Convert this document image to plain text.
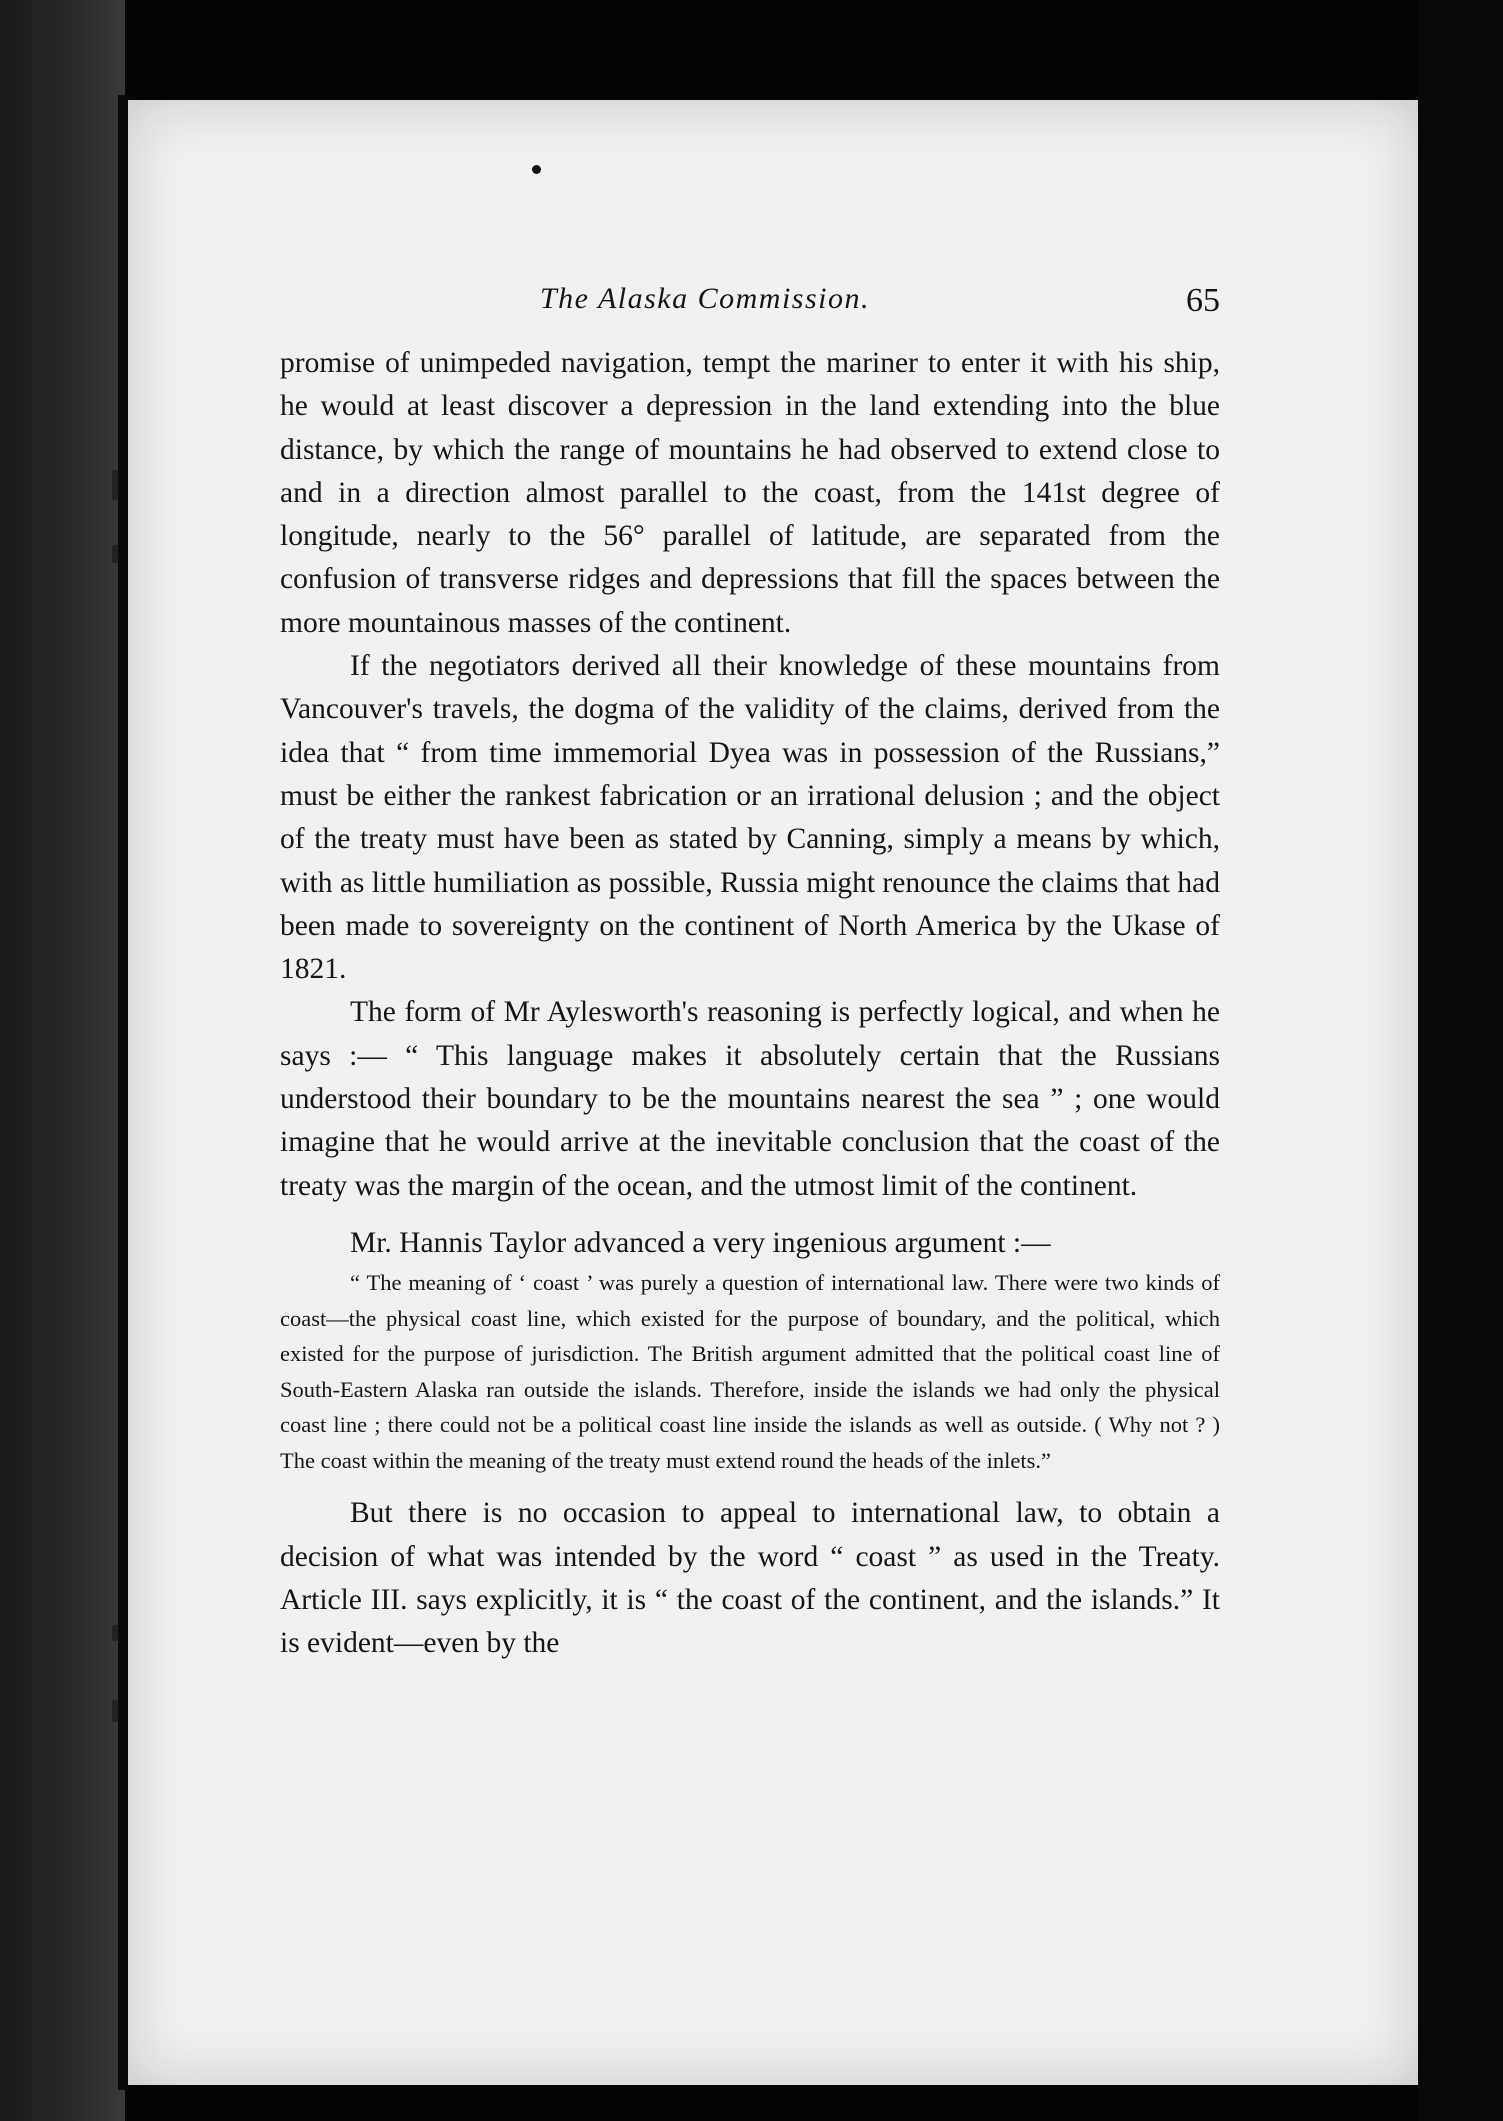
The Alaska Commission.	65

promise of unimpeded navigation, tempt the mariner to enter it with his ship, he would at least discover a depression in the land extending into the blue distance, by which the range of mountains he had observed to extend close to and in a direction almost parallel to the coast, from the 141st degree of longitude, nearly to the 56° parallel of latitude, are separated from the confusion of transverse ridges and depressions that fill the spaces between the more mountainous masses of the continent.

If the negotiators derived all their knowledge of these mountains from Vancouver's travels, the dogma of the validity of the claims, derived from the idea that “ from time immemorial Dyea was in possession of the Russians,” must be either the rankest fabrication or an irrational delusion ; and the object of the treaty must have been as stated by Canning, simply a means by which, with as little humiliation as possible, Russia might renounce the claims that had been made to sovereignty on the continent of North America by the Ukase of 1821.

The form of Mr Aylesworth's reasoning is perfectly logical, and when he says :— “ This language makes it absolutely certain that the Russians understood their boundary to be the mountains nearest the sea ” ; one would imagine that he would arrive at the inevitable conclusion that the coast of the treaty was the margin of the ocean, and the utmost limit of the continent.

Mr. Hannis Taylor advanced a very ingenious argument :—

“ The meaning of ‘ coast ’ was purely a question of international law. There were two kinds of coast—the physical coast line, which existed for the purpose of boundary, and the political, which existed for the purpose of jurisdiction. The British argument admitted that the political coast line of South-Eastern Alaska ran outside the islands. Therefore, inside the islands we had only the physical coast line ; there could not be a political coast line inside the islands as well as outside. ( Why not ? ) The coast within the meaning of the treaty must extend round the heads of the inlets.”

But there is no occasion to appeal to international law, to obtain a decision of what was intended by the word “ coast ” as used in the Treaty. Article III. says explicitly, it is “ the coast of the continent, and the islands.” It is evident—even by the
